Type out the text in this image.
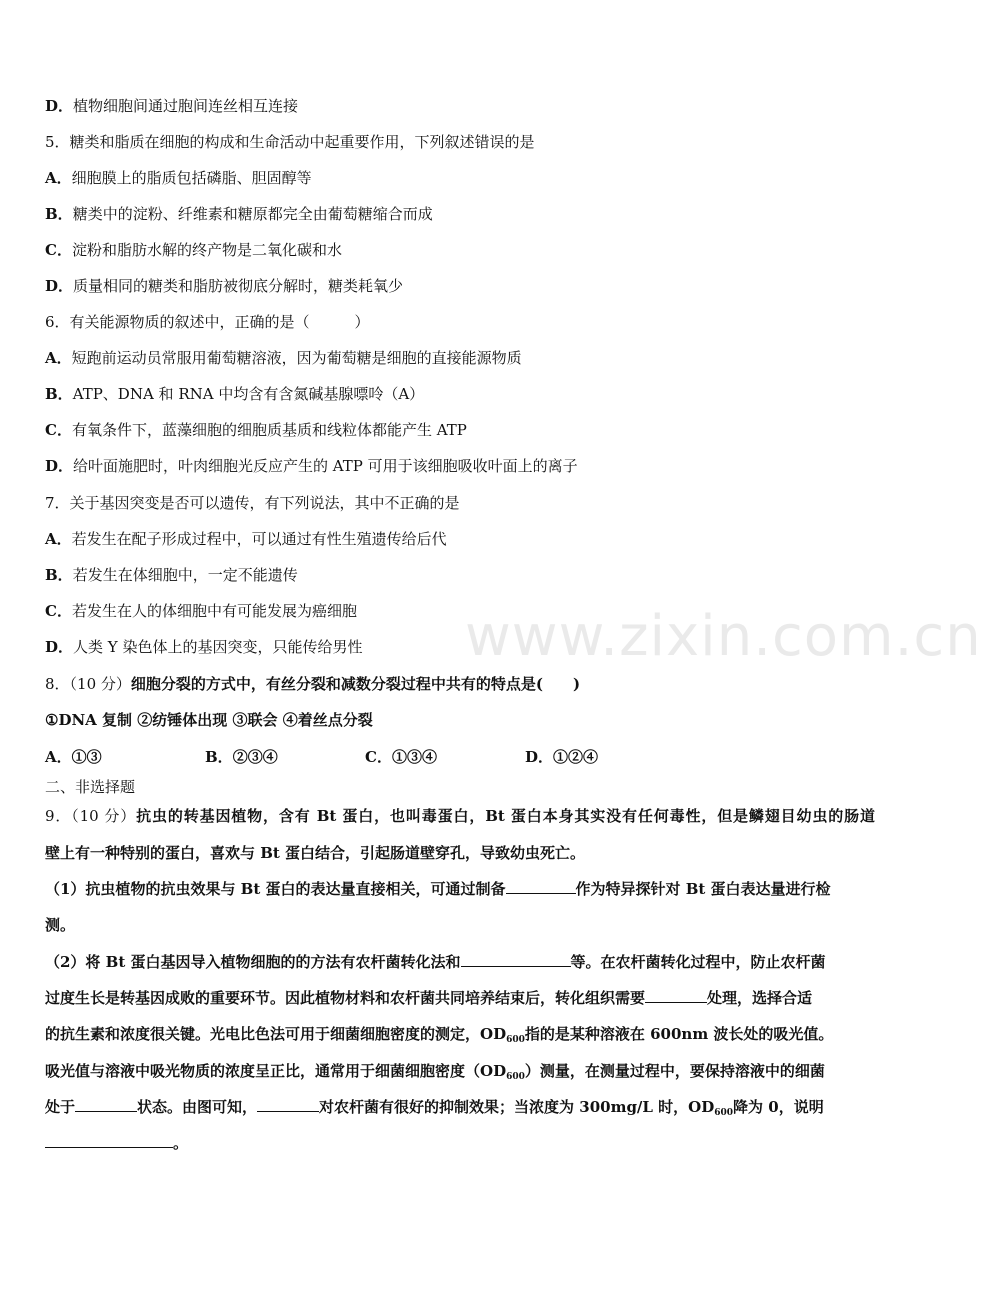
www.zixin.com.cn
D．植物细胞间通过胞间连丝相互连接
5．糖类和脂质在细胞的构成和生命活动中起重要作用，下列叙述错误的是
A．细胞膜上的脂质包括磷脂、胆固醇等
B．糖类中的淀粉、纤维素和糖原都完全由葡萄糖缩合而成
C．淀粉和脂肪水解的终产物是二氧化碳和水
D．质量相同的糖类和脂肪被彻底分解时，糖类耗氧少
6．有关能源物质的叙述中，正确的是（　　　）
A．短跑前运动员常服用葡萄糖溶液，因为葡萄糖是细胞的直接能源物质
B．ATP、DNA 和 RNA 中均含有含氮碱基腺嘌呤（A）
C．有氧条件下，蓝藻细胞的细胞质基质和线粒体都能产生 ATP
D．给叶面施肥时，叶肉细胞光反应产生的 ATP 可用于该细胞吸收叶面上的离子
7．关于基因突变是否可以遗传，有下列说法，其中不正确的是
A．若发生在配子形成过程中，可以通过有性生殖遗传给后代
B．若发生在体细胞中，一定不能遗传
C．若发生在人的体细胞中有可能发展为癌细胞
D．人类 Y 染色体上的基因突变，只能传给男性
8．（10 分）细胞分裂的方式中，有丝分裂和减数分裂过程中共有的特点是(　　)
①DNA 复制 ②纺锤体出现 ③联会 ④着丝点分裂
A．①③	B．②③④	C．①③④	D．①②④
二、非选择题
9．（10 分）抗虫的转基因植物，含有 Bt 蛋白，也叫毒蛋白，Bt 蛋白本身其实没有任何毒性，但是鳞翅目幼虫的肠道
壁上有一种特别的蛋白，喜欢与 Bt 蛋白结合，引起肠道壁穿孔，导致幼虫死亡。
（1）抗虫植物的抗虫效果与 Bt 蛋白的表达量直接相关，可通过制备	作为特异探针对 Bt 蛋白表达量进行检
测。
（2）将 Bt 蛋白基因导入植物细胞的的方法有农杆菌转化法和	等。在农杆菌转化过程中，防止农杆菌
过度生长是转基因成败的重要环节。因此植物材料和农杆菌共同培养结束后，转化组织需要	处理，选择合适
的抗生素和浓度很关键。光电比色法可用于细菌细胞密度的测定，$OD_{600}$指的是某种溶液在 600nm 波长处的吸光值。
吸光值与溶液中吸光物质的浓度呈正比，通常用于细菌细胞密度$(OD_{600})$测量，在测量过程中，要保持溶液中的细菌
处于	状态。由图可知，	对农杆菌有很好的抑制效果；当浓度为 300mg/L 时，$OD_{600}$降为 0，说明
。
